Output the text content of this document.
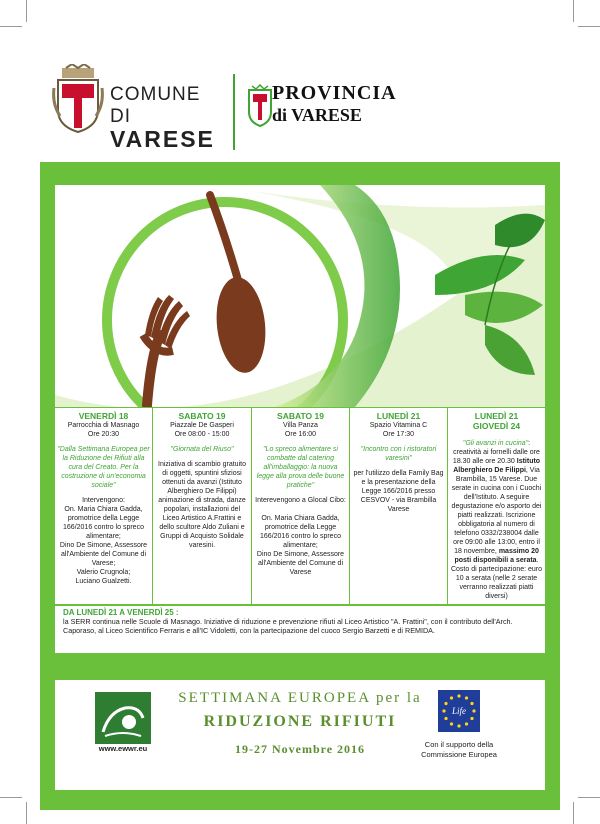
COMUNE DI
VARESE
PROVINCIA
di VARESE
VENERDÌ 18
Parrocchia di Masnago
Ore 20:30
"Dalla Settimana Europea per la Riduzione dei Rifiuti alla cura del Creato. Per la costruzione di un'economia sociale"
Intervengono:
On. Maria Chiara Gadda, promotrice della Legge 166/2016 contro lo spreco alimentare;
Dino De Simone, Assessore all'Ambiente del Comune di Varese;
Valerio Crugnola;
Luciano Gualzetti.
SABATO 19
Piazzale De Gasperi
Ore 08:00 - 15:00
"Giornata del Riuso"
Iniziativa di scambio gratuito di oggetti, spuntini sfiziosi ottenuti da avanzi (Istituto Alberghiero De Filippi) animazione di strada, danze popolari, installazioni del Liceo Artistico A.Frattini e dello scultore Aldo Zuliani e Gruppi di Acquisto Solidale varesini.
SABATO 19
Villa Panza
Ore 16:00
"Lo spreco alimentare si combatte dal catering all'imballaggio: la nuova legge alla prova delle buone pratiche"
Interevengono a Glocal Cibo:

On. Maria Chiara Gadda, promotrice della Legge 166/2016 contro lo spreco alimentare;
Dino De Simone, Assessore all'Ambiente del Comune di Varese
LUNEDÌ 21
Spazio Vitamina C
Ore 17:30
"Incontro con i ristoratori varesini"
per l'utilizzo della Family Bag e la presentazione della Legge 166/2016 presso CESVOV - via Brambilla Varese
LUNEDÌ 21
GIOVEDÌ 24
"Gli avanzi in cucina": creatività ai fornelli dalle ore 18.30 alle ore 20.30 Istituto Alberghiero De Filippi, Via Brambilla, 15 Varese. Due serate in cucina con i Cuochi dell'Istituto. A seguire degustazione e/o asporto dei piatti realizzati. Iscrizione obbligatoria al numero di telefono 0332/238004 dalle ore 09:00 alle 13:00, entro il 18 novembre, massimo 20 posti disponibili a serata. Costo di partecipazione: euro 10 a serata (nelle 2 serate verranno realizzati piatti diversi)
DA LUNEDÌ 21 A VENERDÌ 25 :
la SERR continua nelle Scuole di Masnago. Iniziative di riduzione e prevenzione rifiuti al Liceo Artistico "A. Frattini", con il contributo dell'Arch. Caporaso, al Liceo Scientifico Ferraris e all'IC Vidoletti, con la partecipazione del cuoco Sergio Barzetti e di REMIDA.
www.ewwr.eu
SETTIMANA EUROPEA per la
RIDUZIONE RIFIUTI
19-27 Novembre 2016
Life
Con il supporto della
Commissione Europea
